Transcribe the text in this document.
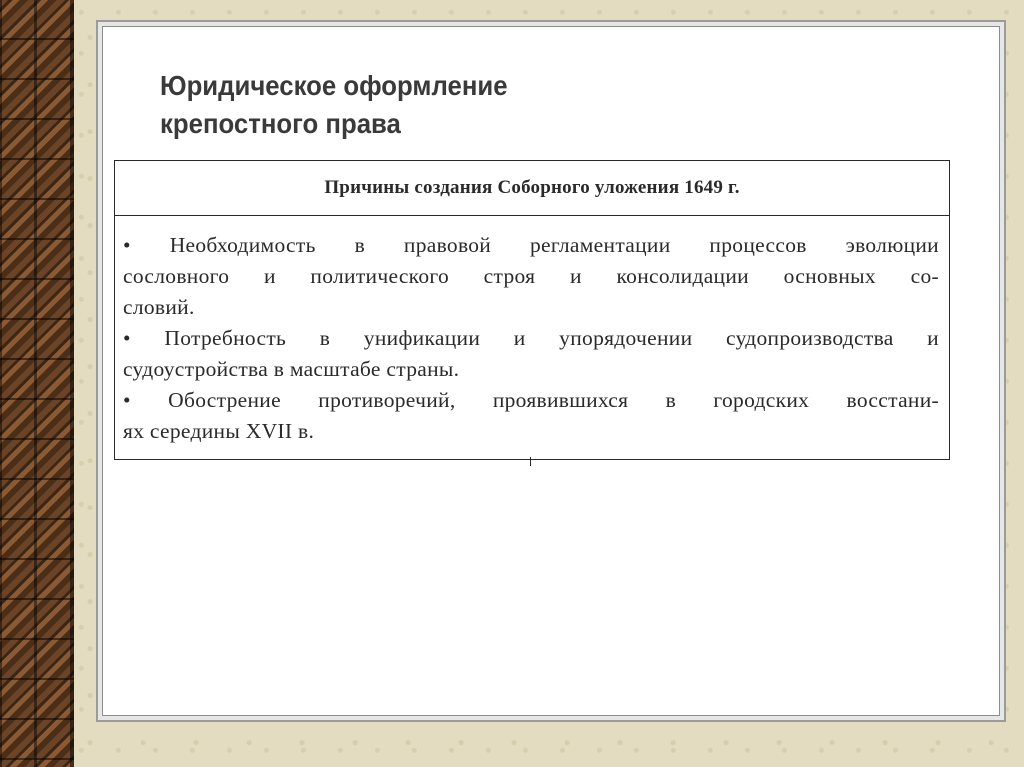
Юридическое оформление
крепостного права
Причины создания Соборного уложения 1649 г.
• Необходимость в правовой регламентации процессов эволюции
сословного и политического строя и консолидации основных со-
словий.
• Потребность в унификации и упорядочении судопроизводства и
судоустройства в масштабе страны.
• Обострение противоречий, проявившихся в городских восстани-
ях середины XVII в.
